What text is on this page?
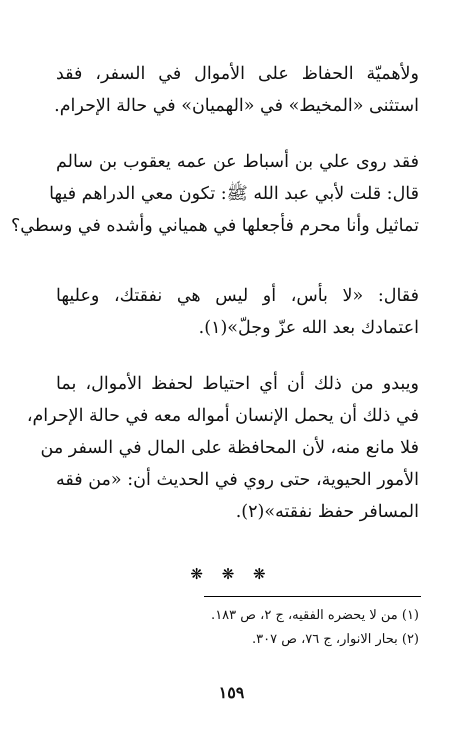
ولأهميّة الحفاظ على الأموال في السفر، فقد
استثنى «المخيط» في «الهميان» في حالة الإحرام.
فقد روى علي بن أسباط عن عمه يعقوب بن سالم
قال: قلت لأبي عبد الله ﷺ: تكون معي الدراهم فيها
تماثيل وأنا محرم فأجعلها في همياني وأشده في وسطي؟
فقال: «لا بأس، أو ليس هي نفقتك، وعليها
اعتمادك بعد الله عزّ وجلّ»(١).
ويبدو من ذلك أن أي احتياط لحفظ الأموال، بما
في ذلك أن يحمل الإنسان أمواله معه في حالة الإحرام،
فلا مانع منه، لأن المحافظة على المال في السفر من
الأمور الحيوية، حتى روي في الحديث أن: «من فقه
المسافر حفظ نفقته»(٢).
❋ ❋ ❋
(١) من لا يحضره الفقيه، ج ٢، ص ١٨٣.
(٢) بحار الانوار، ج ٧٦، ص ٣٠٧.
١٥٩
